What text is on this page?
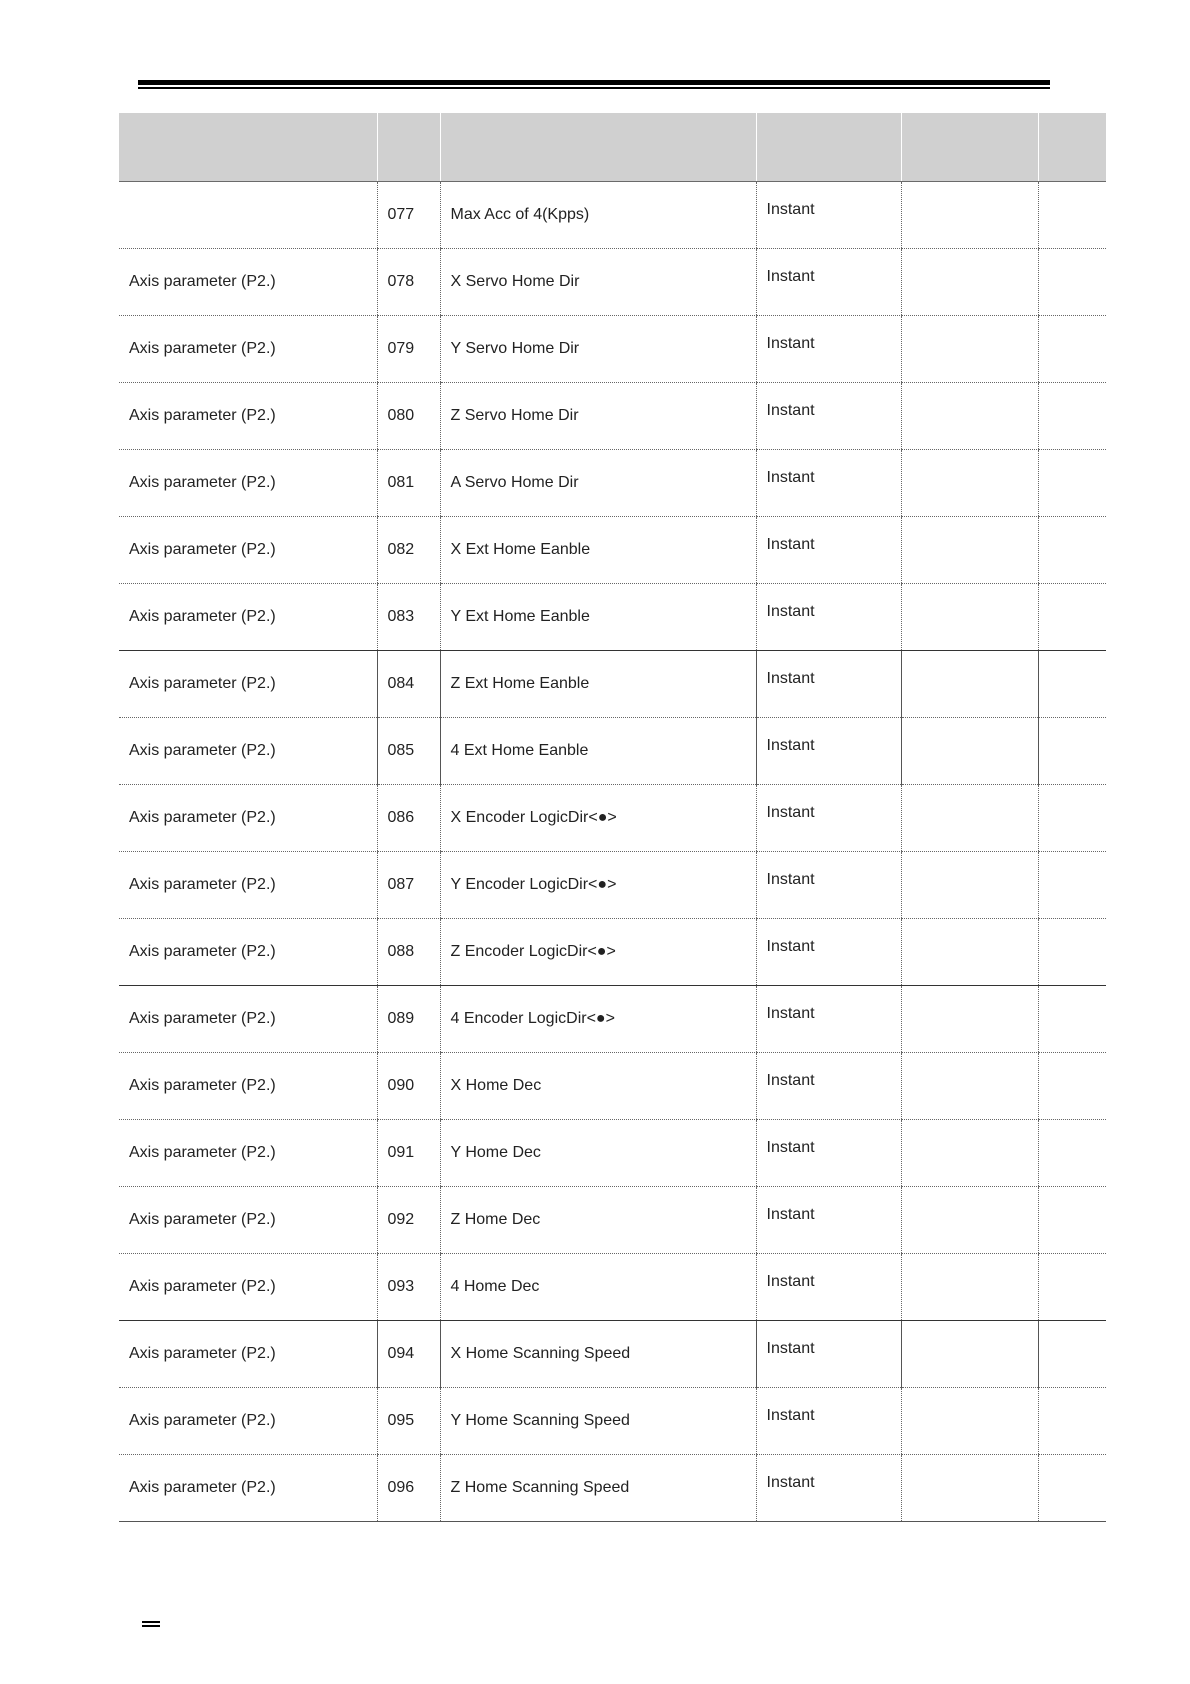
	077	Max Acc of 4(Kpps)	Instant		
Axis parameter (P2.)	078	X Servo Home Dir	Instant		
Axis parameter (P2.)	079	Y Servo Home Dir	Instant		
Axis parameter (P2.)	080	Z Servo Home Dir	Instant		
Axis parameter (P2.)	081	A Servo Home Dir	Instant		
Axis parameter (P2.)	082	X Ext Home Eanble	Instant		
Axis parameter (P2.)	083	Y Ext Home Eanble	Instant		
Axis parameter (P2.)	084	Z Ext Home Eanble	Instant		
Axis parameter (P2.)	085	4 Ext Home Eanble	Instant		
Axis parameter (P2.)	086	X Encoder LogicDir<●>	Instant		
Axis parameter (P2.)	087	Y Encoder LogicDir<●>	Instant		
Axis parameter (P2.)	088	Z Encoder LogicDir<●>	Instant		
Axis parameter (P2.)	089	4 Encoder LogicDir<●>	Instant		
Axis parameter (P2.)	090	X Home Dec	Instant		
Axis parameter (P2.)	091	Y Home Dec	Instant		
Axis parameter (P2.)	092	Z Home Dec	Instant		
Axis parameter (P2.)	093	4 Home Dec	Instant		
Axis parameter (P2.)	094	X Home Scanning Speed	Instant		
Axis parameter (P2.)	095	Y Home Scanning Speed	Instant		
Axis parameter (P2.)	096	Z Home Scanning Speed	Instant		
